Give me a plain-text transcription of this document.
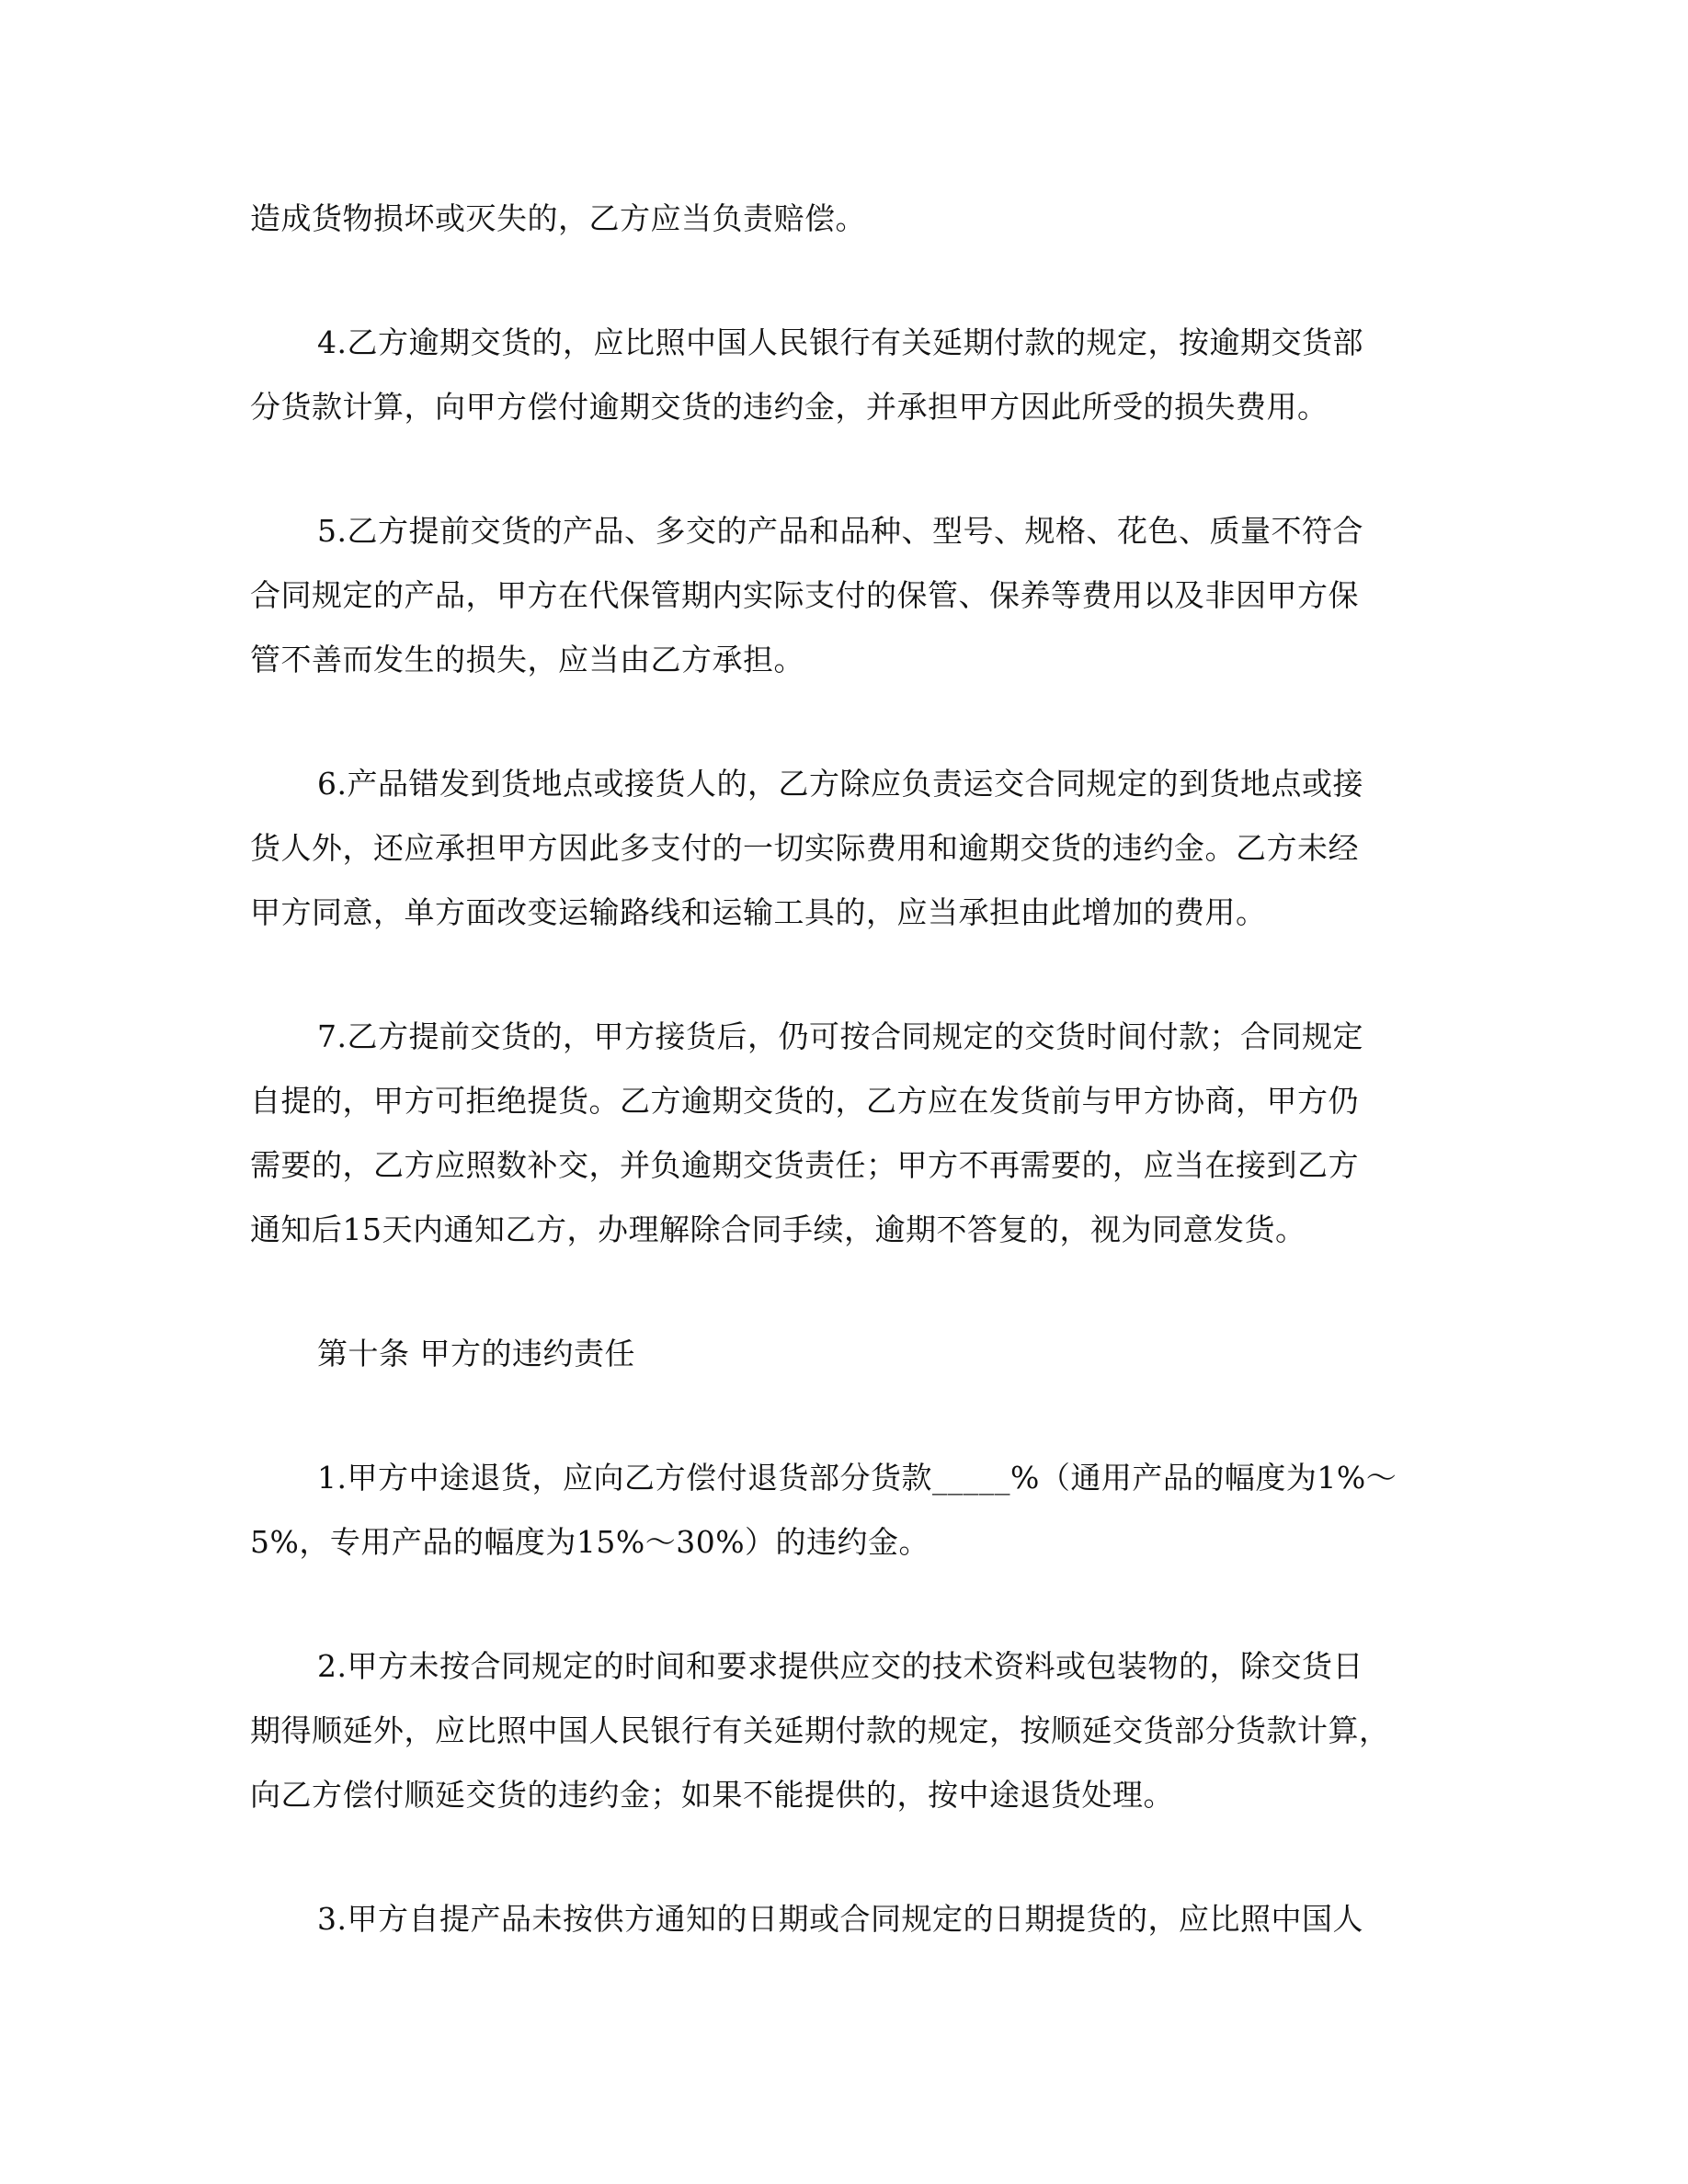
造成货物损坏或灭失的，乙方应当负责赔偿。
4.乙方逾期交货的，应比照中国人民银行有关延期付款的规定，按逾期交货部
分货款计算，向甲方偿付逾期交货的违约金，并承担甲方因此所受的损失费用。
5.乙方提前交货的产品、多交的产品和品种、型号、规格、花色、质量不符合
合同规定的产品，甲方在代保管期内实际支付的保管、保养等费用以及非因甲方保
管不善而发生的损失，应当由乙方承担。
6.产品错发到货地点或接货人的，乙方除应负责运交合同规定的到货地点或接
货人外，还应承担甲方因此多支付的一切实际费用和逾期交货的违约金。乙方未经
甲方同意，单方面改变运输路线和运输工具的，应当承担由此增加的费用。
7.乙方提前交货的，甲方接货后，仍可按合同规定的交货时间付款；合同规定
自提的，甲方可拒绝提货。乙方逾期交货的，乙方应在发货前与甲方协商，甲方仍
需要的，乙方应照数补交，并负逾期交货责任；甲方不再需要的，应当在接到乙方
通知后15天内通知乙方，办理解除合同手续，逾期不答复的，视为同意发货。
第十条 甲方的违约责任
1.甲方中途退货，应向乙方偿付退货部分货款_____%（通用产品的幅度为1%～
5%，专用产品的幅度为15%～30%）的违约金。
2.甲方未按合同规定的时间和要求提供应交的技术资料或包装物的，除交货日
期得顺延外，应比照中国人民银行有关延期付款的规定，按顺延交货部分货款计算，
向乙方偿付顺延交货的违约金；如果不能提供的，按中途退货处理。
3.甲方自提产品未按供方通知的日期或合同规定的日期提货的，应比照中国人
